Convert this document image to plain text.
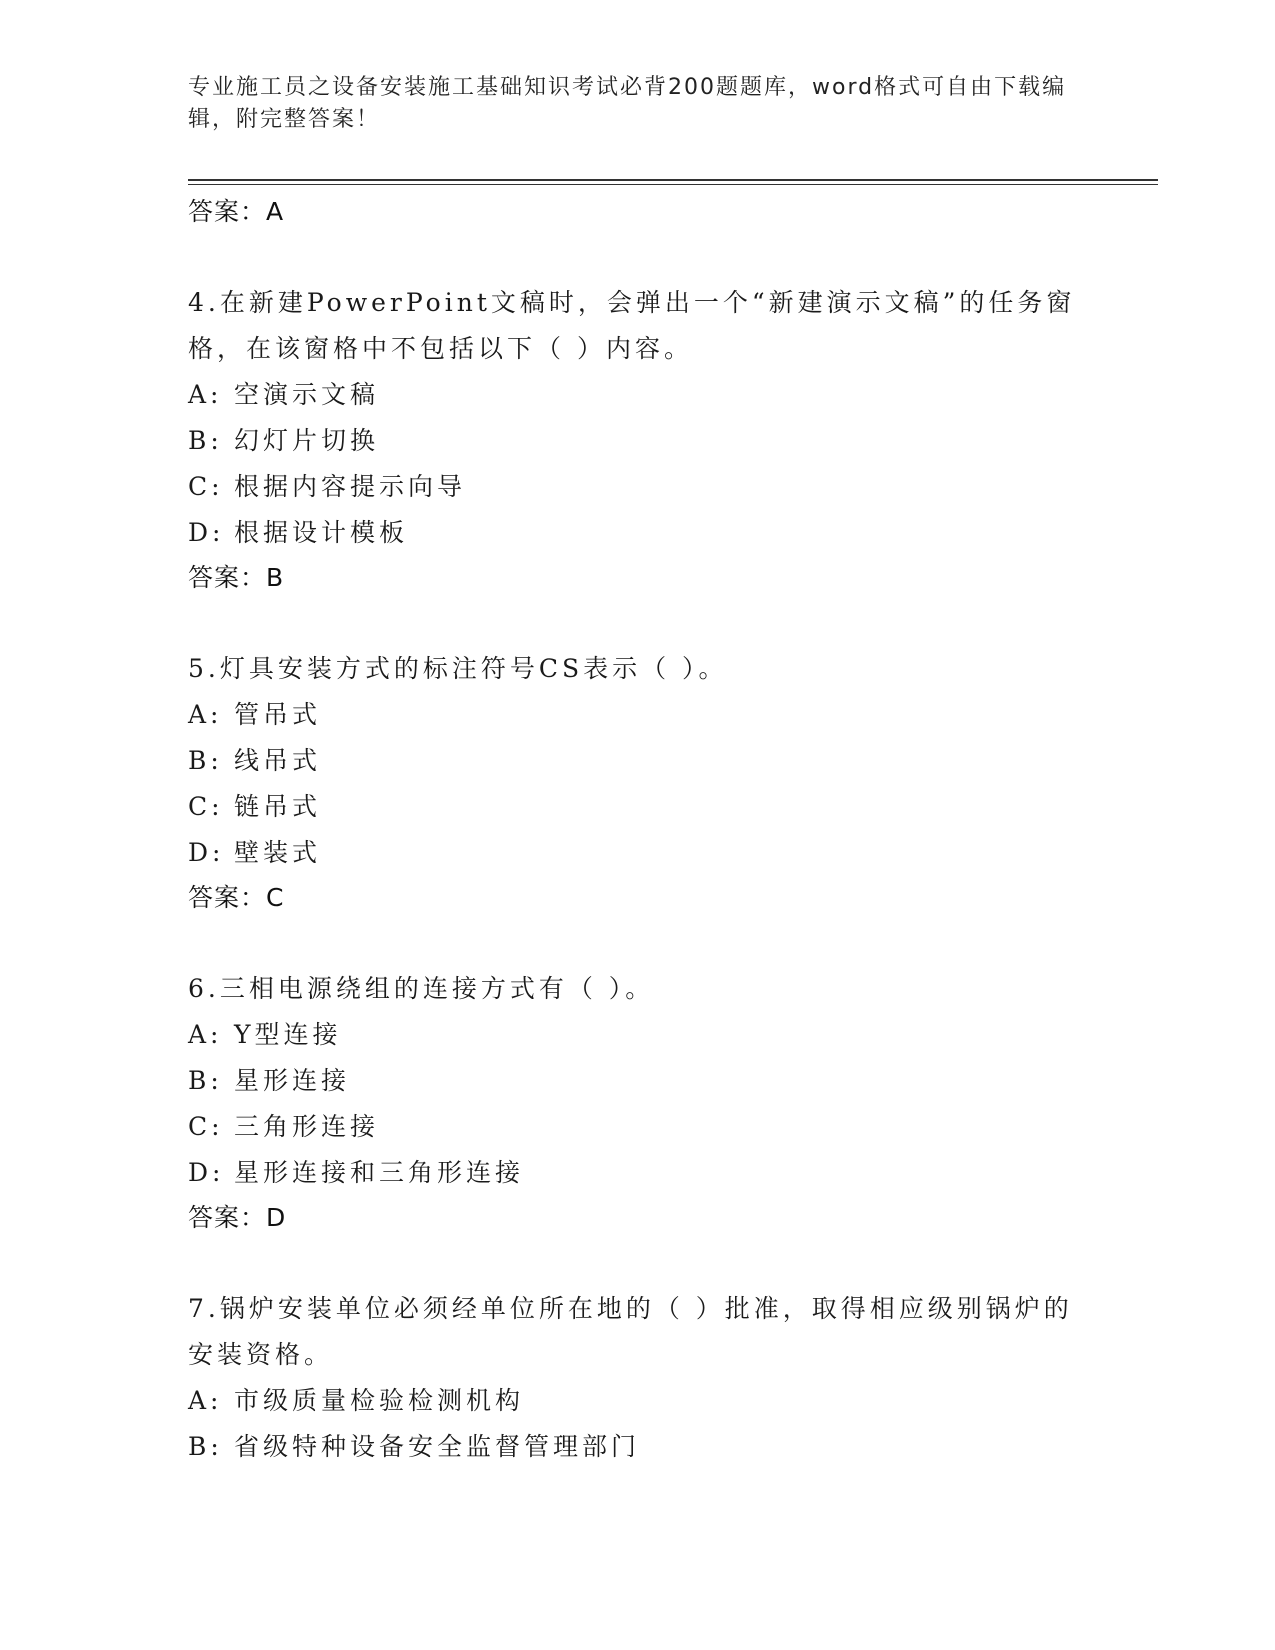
专业施工员之设备安装施工基础知识考试必背200题题库，word格式可自由下载编辑，附完整答案！
答案：A
4.在新建PowerPoint文稿时，会弹出一个“新建演示文稿”的任务窗格，在该窗格中不包括以下（ ）内容。
A: 空演示文稿
B: 幻灯片切换
C: 根据内容提示向导
D: 根据设计模板
答案：B
5.灯具安装方式的标注符号CS表示（ ）。
A: 管吊式
B: 线吊式
C: 链吊式
D: 壁装式
答案：C
6.三相电源绕组的连接方式有（ ）。
A: Y型连接
B: 星形连接
C: 三角形连接
D: 星形连接和三角形连接
答案：D
7.锅炉安装单位必须经单位所在地的（ ）批准，取得相应级别锅炉的安装资格。
A: 市级质量检验检测机构
B: 省级特种设备安全监督管理部门
